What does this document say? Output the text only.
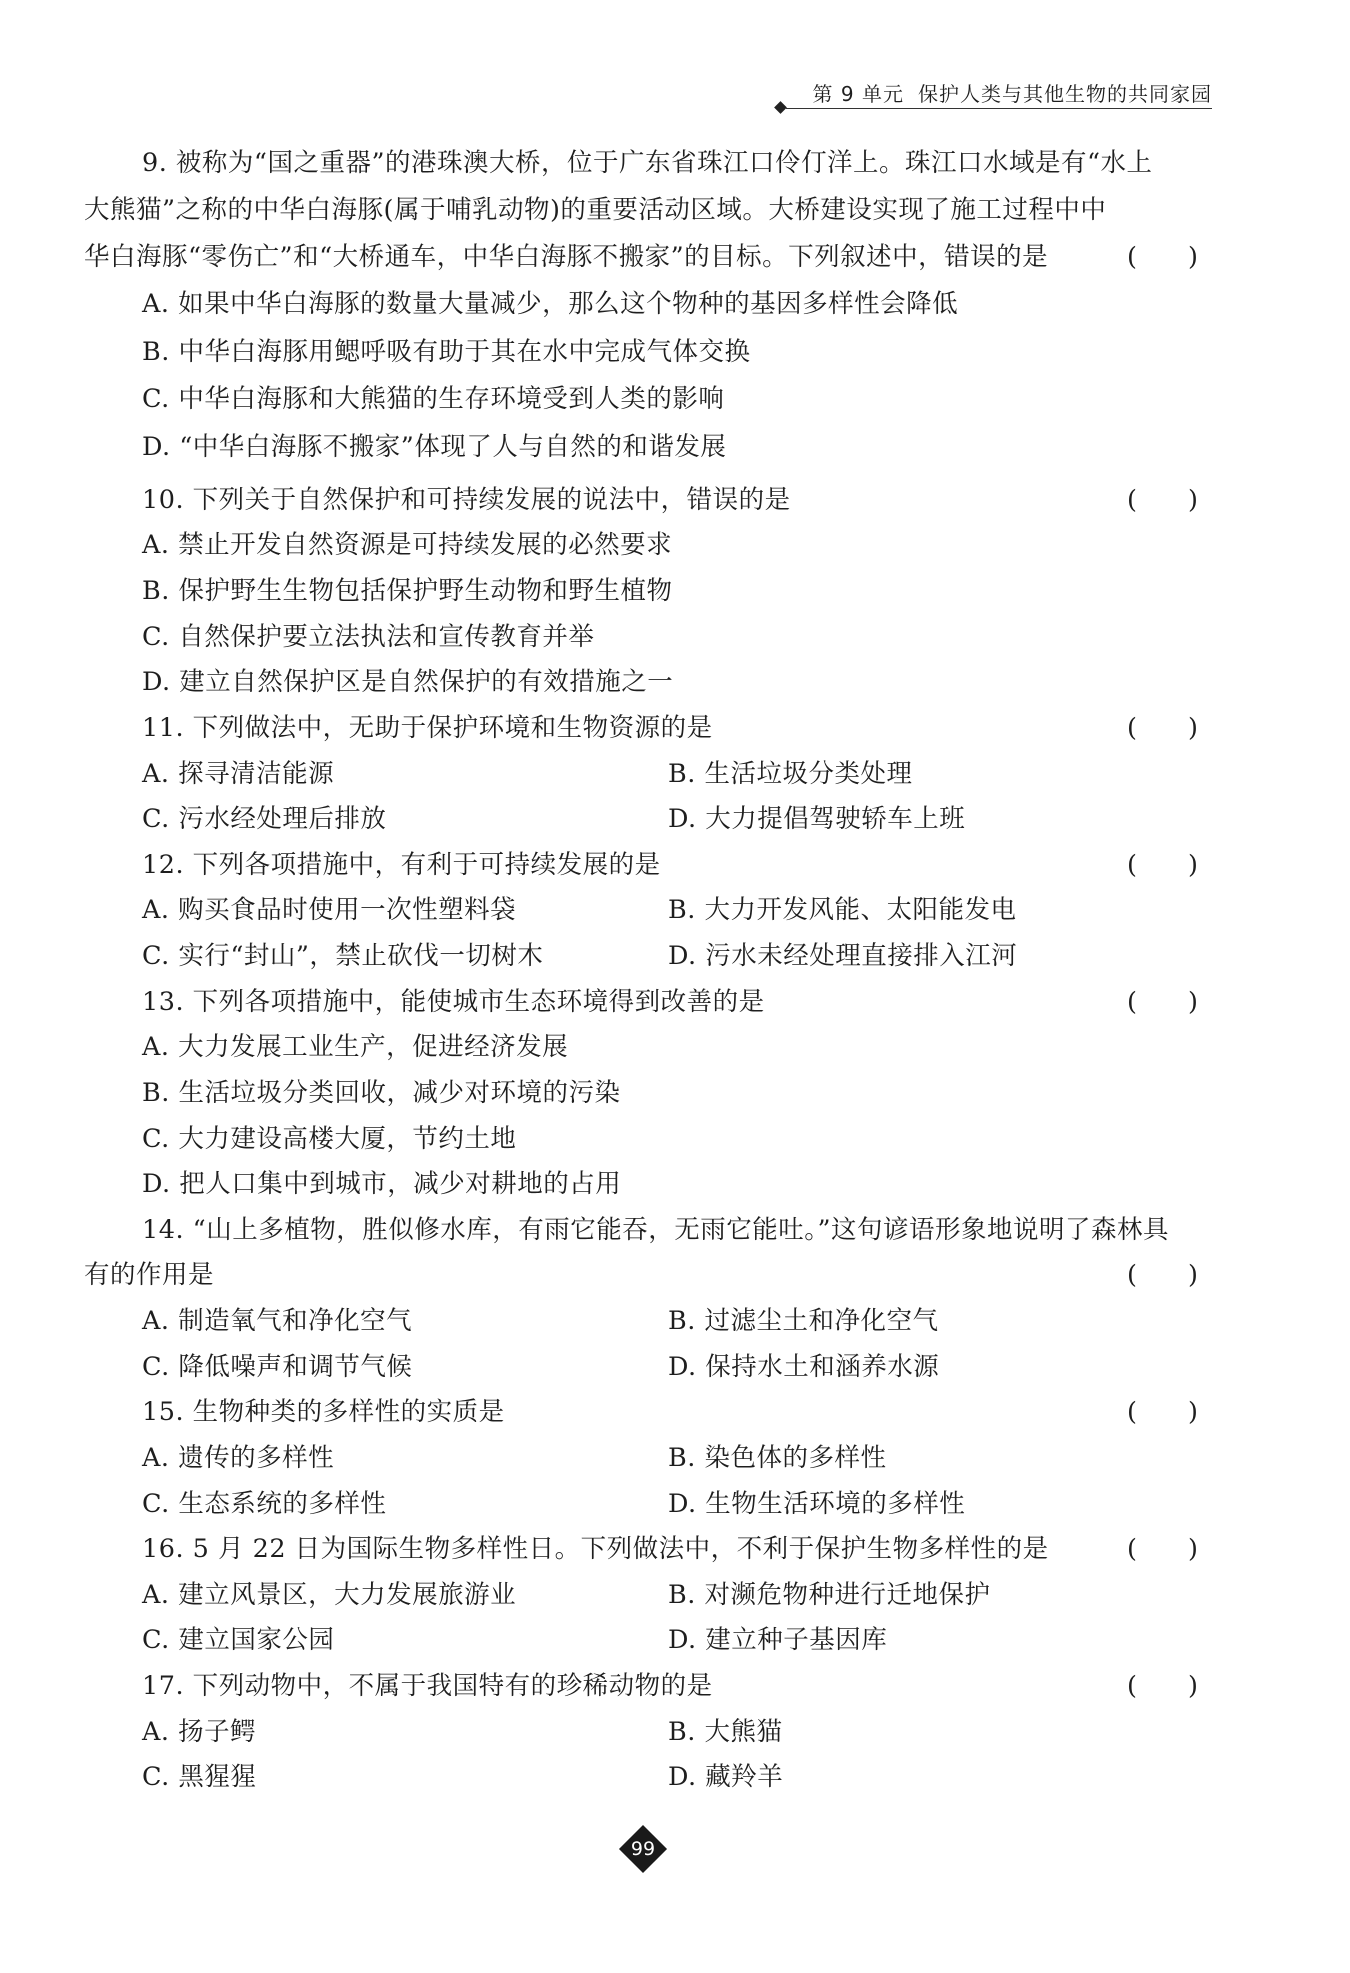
第 9 单元 保护人类与其他生物的共同家园
9. 被称为“国之重器”的港珠澳大桥，位于广东省珠江口伶仃洋上。珠江口水域是有“水上
大熊猫”之称的中华白海豚(属于哺乳动物)的重要活动区域。大桥建设实现了施工过程中中
华白海豚“零伤亡”和“大桥通车，中华白海豚不搬家”的目标。下列叙述中，错误的是	(　　)
A. 如果中华白海豚的数量大量减少，那么这个物种的基因多样性会降低
B. 中华白海豚用鳃呼吸有助于其在水中完成气体交换
C. 中华白海豚和大熊猫的生存环境受到人类的影响
D. “中华白海豚不搬家”体现了人与自然的和谐发展
10. 下列关于自然保护和可持续发展的说法中，错误的是	(　　)
A. 禁止开发自然资源是可持续发展的必然要求
B. 保护野生生物包括保护野生动物和野生植物
C. 自然保护要立法执法和宣传教育并举
D. 建立自然保护区是自然保护的有效措施之一
11. 下列做法中，无助于保护环境和生物资源的是	(　　)
A. 探寻清洁能源	B. 生活垃圾分类处理
C. 污水经处理后排放	D. 大力提倡驾驶轿车上班
12. 下列各项措施中，有利于可持续发展的是	(　　)
A. 购买食品时使用一次性塑料袋	B. 大力开发风能、太阳能发电
C. 实行“封山”，禁止砍伐一切树木	D. 污水未经处理直接排入江河
13. 下列各项措施中，能使城市生态环境得到改善的是	(　　)
A. 大力发展工业生产，促进经济发展
B. 生活垃圾分类回收，减少对环境的污染
C. 大力建设高楼大厦，节约土地
D. 把人口集中到城市，减少对耕地的占用
14. “山上多植物，胜似修水库，有雨它能吞，无雨它能吐。”这句谚语形象地说明了森林具
有的作用是	(　　)
A. 制造氧气和净化空气	B. 过滤尘土和净化空气
C. 降低噪声和调节气候	D. 保持水土和涵养水源
15. 生物种类的多样性的实质是	(　　)
A. 遗传的多样性	B. 染色体的多样性
C. 生态系统的多样性	D. 生物生活环境的多样性
16. 5 月 22 日为国际生物多样性日。下列做法中，不利于保护生物多样性的是	(　　)
A. 建立风景区，大力发展旅游业	B. 对濒危物种进行迁地保护
C. 建立国家公园	D. 建立种子基因库
17. 下列动物中，不属于我国特有的珍稀动物的是	(　　)
A. 扬子鳄	B. 大熊猫
C. 黑猩猩	D. 藏羚羊
99
